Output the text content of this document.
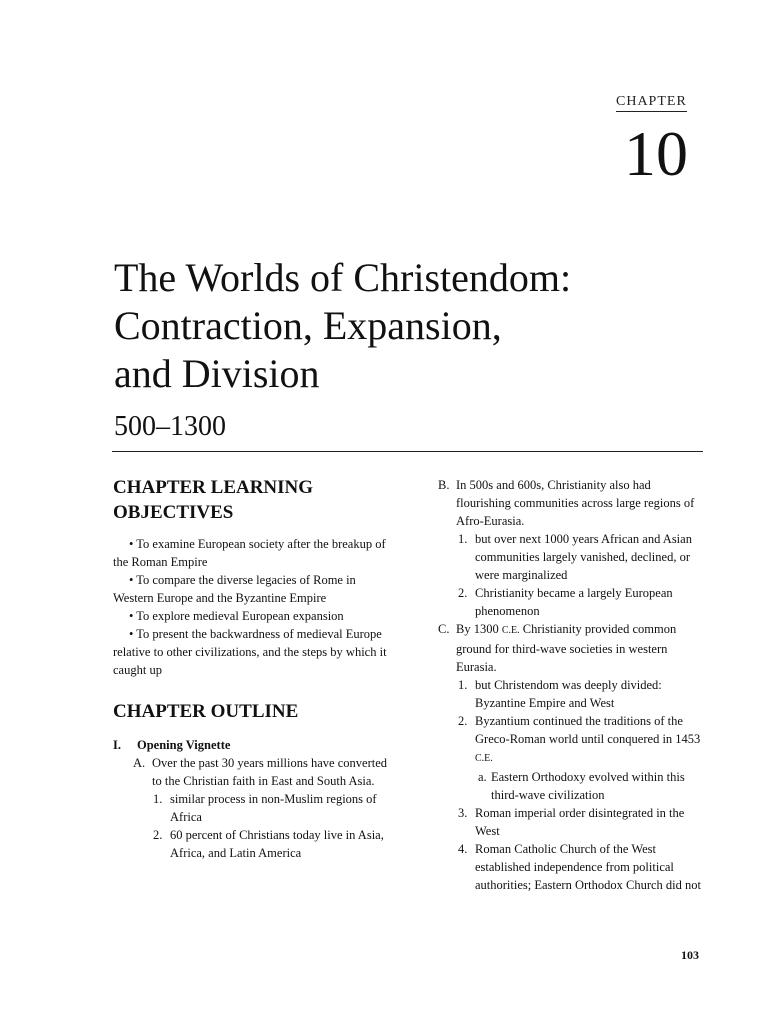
CHAPTER
10
The Worlds of Christendom:
Contraction, Expansion,
and Division
500–1300
CHAPTER LEARNING OBJECTIVES
• To examine European society after the breakup of the Roman Empire
• To compare the diverse legacies of Rome in Western Europe and the Byzantine Empire
• To explore medieval European expansion
• To present the backwardness of medieval Europe relative to other civilizations, and the steps by which it caught up
CHAPTER OUTLINE
I.	Opening Vignette
A. Over the past 30 years millions have converted to the Christian faith in East and South Asia.
1. similar process in non-Muslim regions of Africa
2. 60 percent of Christians today live in Asia, Africa, and Latin America
B. In 500s and 600s, Christianity also had flourishing communities across large regions of Afro-Eurasia.
1. but over next 1000 years African and Asian communities largely vanished, declined, or were marginalized
2. Christianity became a largely European phenomenon
C. By 1300 C.E. Christianity provided common ground for third-wave societies in western Eurasia.
1. but Christendom was deeply divided: Byzantine Empire and West
2. Byzantium continued the traditions of the Greco-Roman world until conquered in 1453 C.E.
a. Eastern Orthodoxy evolved within this third-wave civilization
3. Roman imperial order disintegrated in the West
4. Roman Catholic Church of the West established independence from political authorities; Eastern Orthodox Church did not
103
